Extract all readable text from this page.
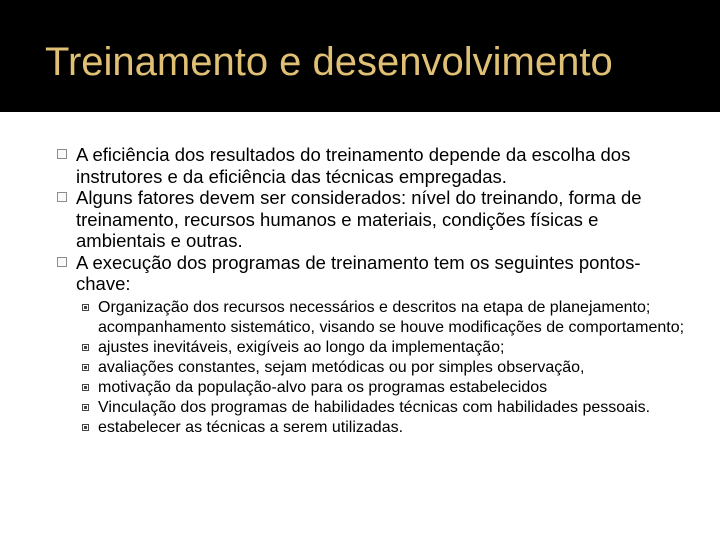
Treinamento e desenvolvimento
A eficiência dos resultados do treinamento depende da escolha dos instrutores e da eficiência das técnicas empregadas.
Alguns fatores devem ser considerados: nível do treinando, forma de treinamento, recursos humanos e materiais, condições físicas e ambientais e outras.
A execução dos programas de treinamento tem os seguintes pontos-chave:
Organização dos recursos necessários e descritos na etapa de planejamento; acompanhamento sistemático, visando se houve modificações de comportamento;
ajustes inevitáveis, exigíveis ao longo da implementação;
avaliações constantes, sejam metódicas ou por simples observação,
motivação da população-alvo para os programas estabelecidos
Vinculação dos programas de habilidades técnicas com habilidades pessoais.
estabelecer as técnicas a serem utilizadas.
